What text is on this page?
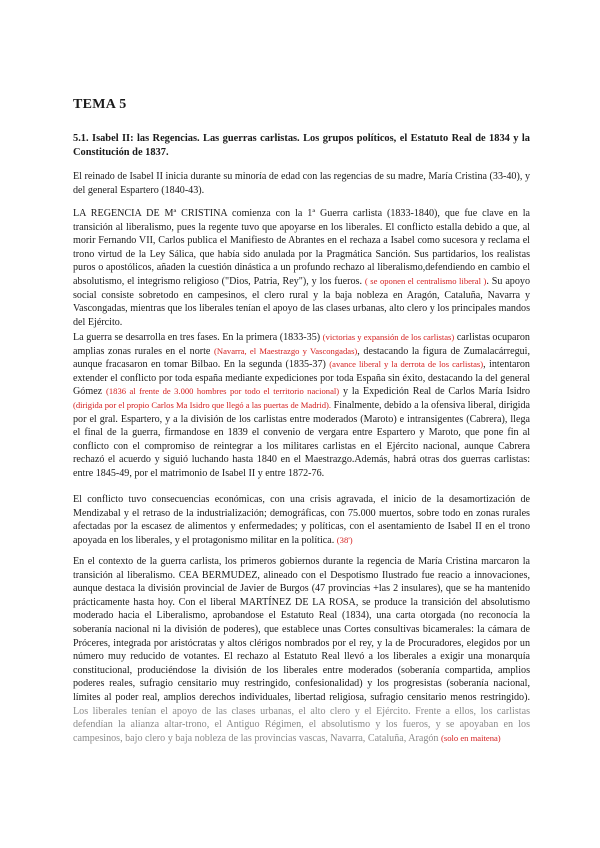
TEMA 5
5.1. Isabel II: las Regencias. Las guerras carlistas. Los grupos políticos, el Estatuto Real de 1834 y la Constitución de 1837.
El reinado de Isabel II inicia durante su minoría de edad con las regencias de su madre, María Cristina (33-40), y del general Espartero (1840-43).
LA REGENCIA DE Mª CRISTINA comienza con la 1ª Guerra carlista (1833-1840), que fue clave en la transición al liberalismo, pues la regente tuvo que apoyarse en los liberales. El conflicto estalla debido a que, al morir Fernando VII, Carlos publica el Manifiesto de Abrantes en el rechaza a Isabel como sucesora y reclama el trono virtud de la Ley Sálica, que había sido anulada por la Pragmática Sanción. Sus partidarios, los realistas puros o apostólicos, añaden la cuestión dinástica a un profundo rechazo al liberalismo,defendiendo en cambio el absolutismo, el integrismo religioso ("Dios, Patria, Rey"), y los fueros. ( se oponen el centralismo liberal ). Su apoyo social consiste sobretodo en campesinos, el clero rural y la baja nobleza en Aragón, Cataluña, Navarra y Vascongadas, mientras que los liberales tenían el apoyo de las clases urbanas, alto clero y los principales mandos del Ejército.
La guerra se desarrolla en tres fases. En la primera (1833-35) (victorias y expansión de los carlistas) carlistas ocuparon amplias zonas rurales en el norte (Navarra, el Maestrazgo y Vascongadas), destacando la figura de Zumalacárregui, aunque fracasaron en tomar Bilbao. En la segunda (1835-37) (avance liberal y la derrota de los carlistas), intentaron extender el conflicto por toda españa mediante expediciones por toda España sin éxito, destacando la del general Gómez (1836 al frente de 3.000 hombres por todo el territorio nacional) y la Expedición Real de Carlos María Isidro (dirigida por el propio Carlos Ma Isidro que llegó a las puertas de Madrid). Finalmente, debido a la ofensiva liberal, dirigida por el gral. Espartero, y a la división de los carlistas entre moderados (Maroto) e intransigentes (Cabrera), llega el final de la guerra, firmandose en 1839 el convenio de vergara entre Espartero y Maroto, que pone fin al conflicto con el compromiso de reintegrar a los militares carlistas en el Ejército nacional, aunque Cabrera rechazó el acuerdo y siguió luchando hasta 1840 en el Maestrazgo.Además, habrá otras dos guerras carlistas: entre 1845-49, por el matrimonio de Isabel II y entre 1872-76.
El conflicto tuvo consecuencias económicas, con una crisis agravada, el inicio de la desamortización de Mendizabal y el retraso de la industrialización; demográficas, con 75.000 muertos, sobre todo en zonas rurales afectadas por la escasez de alimentos y enfermedades; y políticas, con el asentamiento de Isabel II en el trono apoyada en los liberales, y el protagonismo militar en la política. (38')
En el contexto de la guerra carlista, los primeros gobiernos durante la regencia de María Cristina marcaron la transición al liberalismo. CEA BERMUDEZ, alineado con el Despotismo Ilustrado fue reacio a innovaciones, aunque destaca la división provincial de Javier de Burgos (47 provincias +las 2 insulares), que se ha mantenido prácticamente hasta hoy. Con el liberal MARTÍNEZ DE LA ROSA, se produce la transición del absolutismo moderado hacia el Liberalismo, aprobandose el Estatuto Real (1834), una carta otorgada (no reconocía la soberanía nacional ni la división de poderes), que establece unas Cortes consultivas bicamerales: la cámara de Próceres, integrada por aristócratas y altos clérigos nombrados por el rey, y la de Procuradores, elegidos por un número muy reducido de votantes. El rechazo al Estatuto Real llevó a los liberales a exigir una monarquía constitucional, produciéndose la división de los liberales entre moderados (soberanía compartida, amplios poderes reales, sufragio censitario muy restringido, confesionalidad) y los progresistas (soberanía nacional, límites al poder real, amplios derechos individuales, libertad religiosa, sufragio censitario menos restringido). Los liberales tenían el apoyo de las clases urbanas, el alto clero y el Ejército. Frente a ellos, los carlistas defendían la alianza altar-trono, el Antiguo Régimen, el absolutismo y los fueros, y se apoyaban en los campesinos, bajo clero y baja nobleza de las provincias vascas, Navarra, Cataluña, Aragón (solo en maitena)
